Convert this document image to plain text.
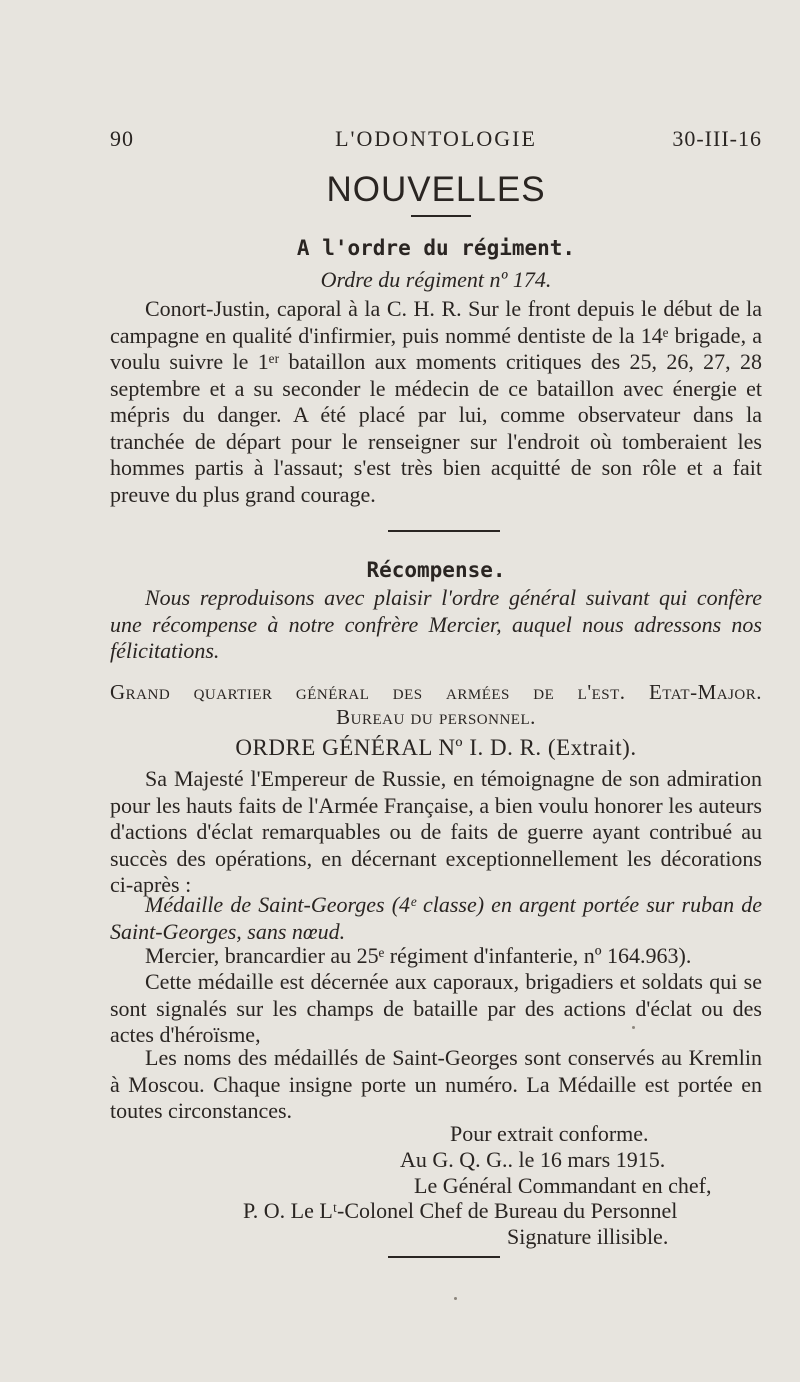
90	L'ODONTOLOGIE	30-III-16
NOUVELLES
A l'ordre du régiment.
Ordre du régiment nº 174.
Conort-Justin, caporal à la C. H. R. Sur le front depuis le début de la campagne en qualité d'infirmier, puis nommé dentiste de la 14ᵉ brigade, a voulu suivre le 1ᵉʳ bataillon aux moments critiques des 25, 26, 27, 28 septembre et a su seconder le médecin de ce bataillon avec énergie et mépris du danger. A été placé par lui, comme observateur dans la tranchée de départ pour le renseigner sur l'endroit où tomberaient les hommes partis à l'assaut; s'est très bien acquitté de son rôle et a fait preuve du plus grand courage.
Récompense.
Nous reproduisons avec plaisir l'ordre général suivant qui confère une récompense à notre confrère Mercier, auquel nous adressons nos félicitations.
Grand quartier général des armées de l'est. Etat-Major.
Bureau du personnel.
ORDRE GÉNÉRAL Nº I. D. R. (Extrait).
Sa Majesté l'Empereur de Russie, en témoignagne de son admiration pour les hauts faits de l'Armée Française, a bien voulu honorer les auteurs d'actions d'éclat remarquables ou de faits de guerre ayant contribué au succès des opérations, en décernant exceptionnellement les décorations ci-après :
Médaille de Saint-Georges (4ᵉ classe) en argent portée sur ruban de Saint-Georges, sans nœud.
Mercier, brancardier au 25ᵉ régiment d'infanterie, nº 164.963).
Cette médaille est décernée aux caporaux, brigadiers et soldats qui se sont signalés sur les champs de bataille par des actions d'éclat ou des actes d'héroïsme,
Les noms des médaillés de Saint-Georges sont conservés au Kremlin à Moscou. Chaque insigne porte un numéro. La Médaille est portée en toutes circonstances.
Pour extrait conforme.
Au G. Q. G.. le 16 mars 1915.
Le Général Commandant en chef,
P. O. Le Lᵗ-Colonel Chef de Bureau du Personnel
Signature illisible.
